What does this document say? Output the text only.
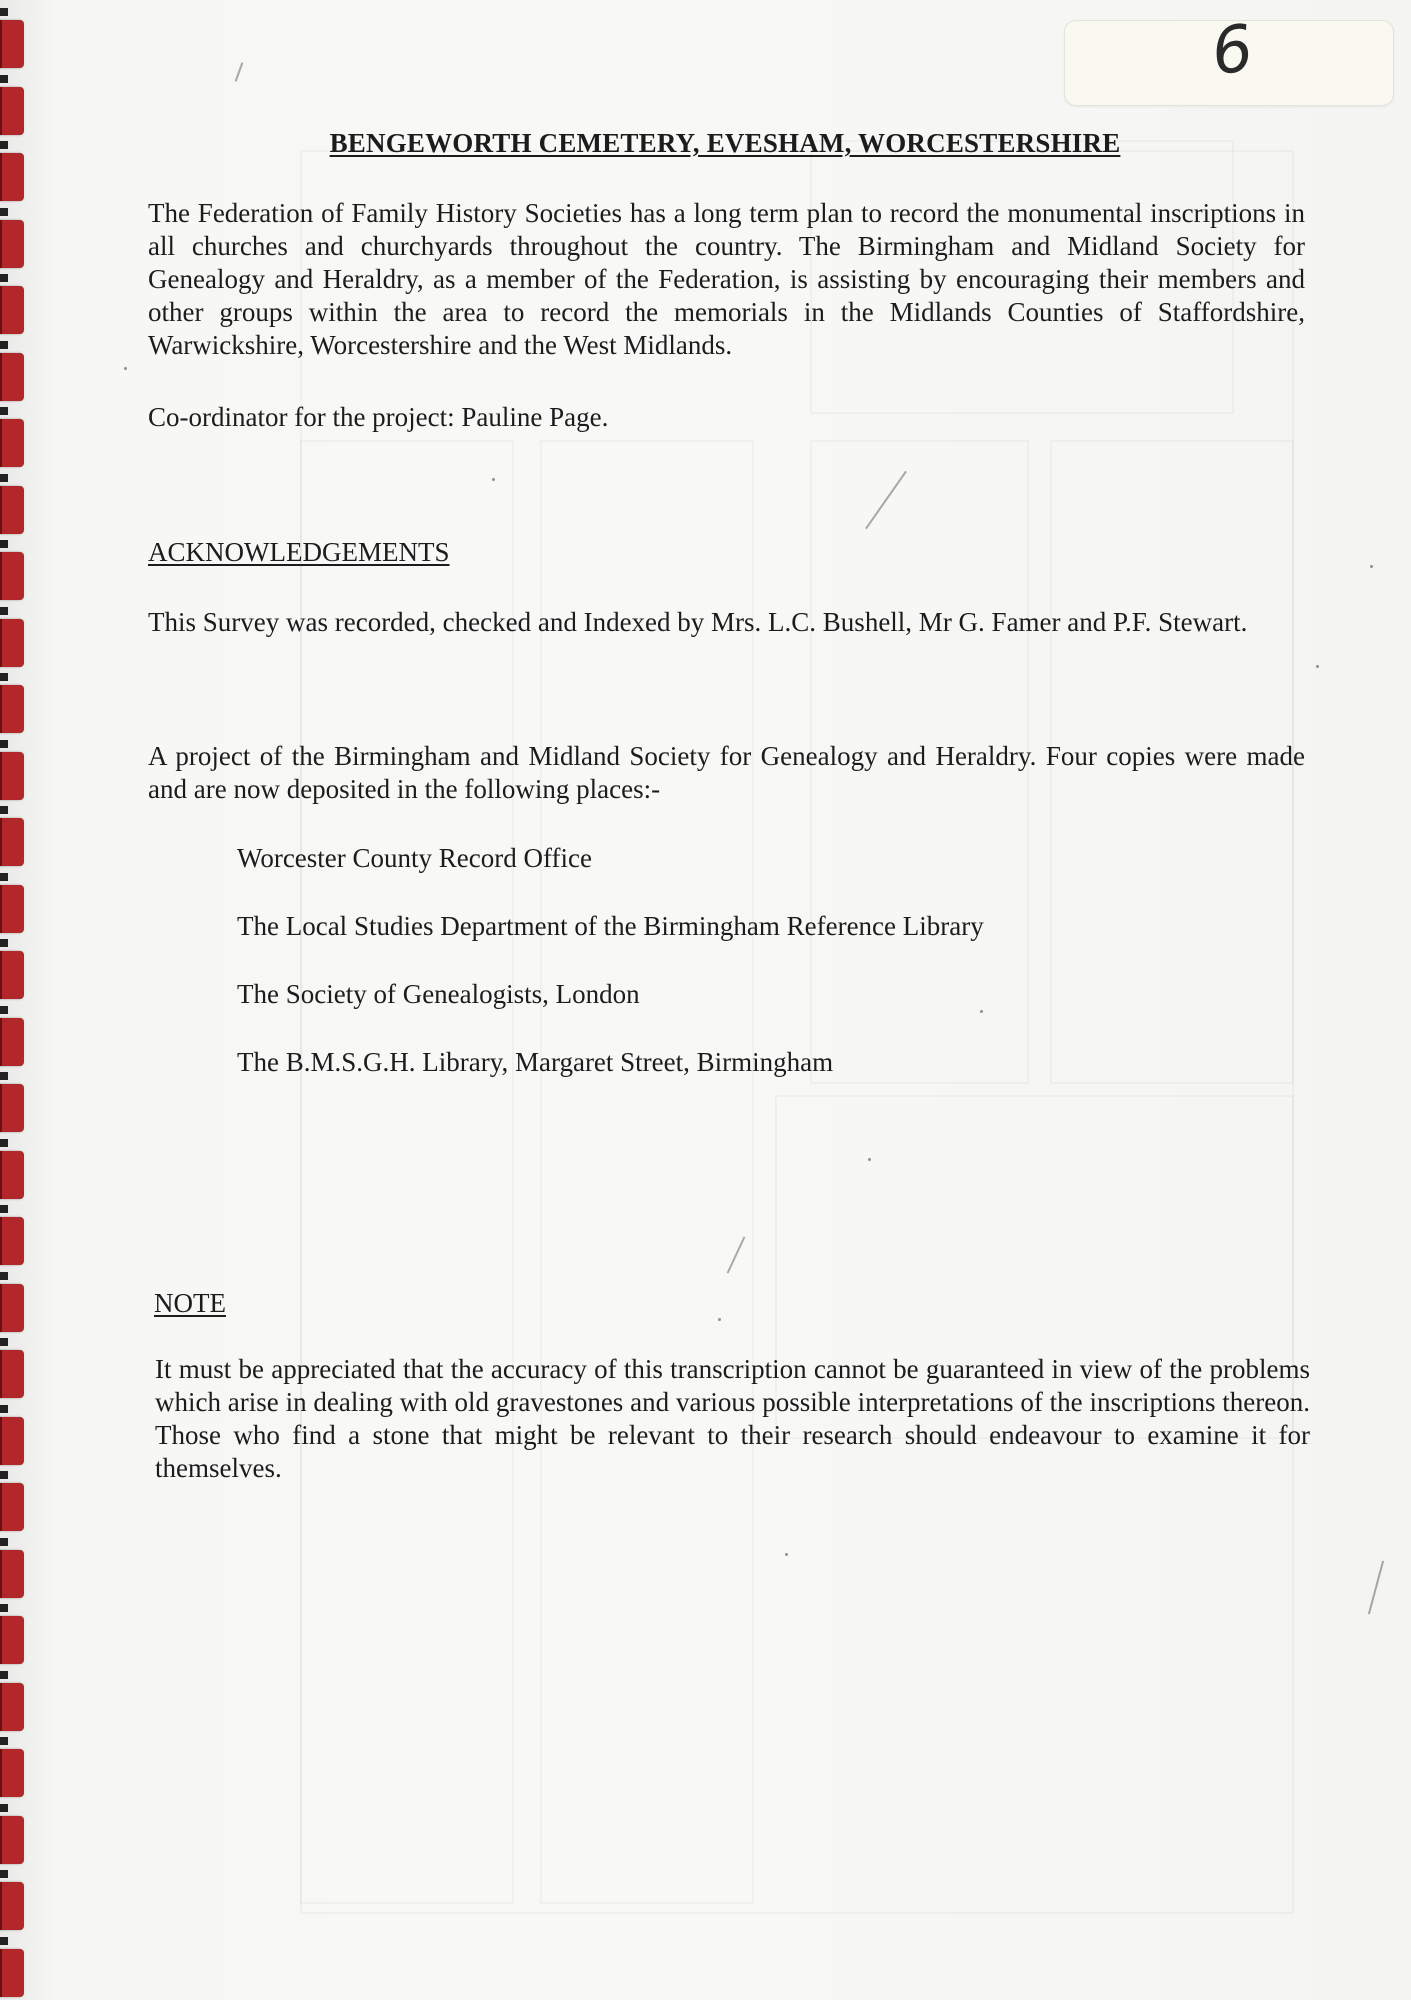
6
BENGEWORTH CEMETERY, EVESHAM, WORCESTERSHIRE
The Federation of Family History Societies has a long term plan to record the monumental inscriptions in all churches and churchyards throughout the country. The Birmingham and Midland Society for Genealogy and Heraldry, as a member of the Federation, is assisting by encouraging their members and other groups within the area to record the memorials in the Midlands Counties of Staffordshire, Warwickshire, Worcestershire and the West Midlands.
Co-ordinator for the project: Pauline Page.
ACKNOWLEDGEMENTS
This Survey was recorded, checked and Indexed by Mrs. L.C. Bushell, Mr G. Famer and P.F. Stewart.
A project of the Birmingham and Midland Society for Genealogy and Heraldry. Four copies were made and are now deposited in the following places:-
Worcester County Record Office
The Local Studies Department of the Birmingham Reference Library
The Society of Genealogists, London
The B.M.S.G.H. Library, Margaret Street, Birmingham
NOTE
It must be appreciated that the accuracy of this transcription cannot be guaranteed in view of the problems which arise in dealing with old gravestones and various possible interpretations of the inscriptions thereon. Those who find a stone that might be relevant to their research should endeavour to examine it for themselves.
